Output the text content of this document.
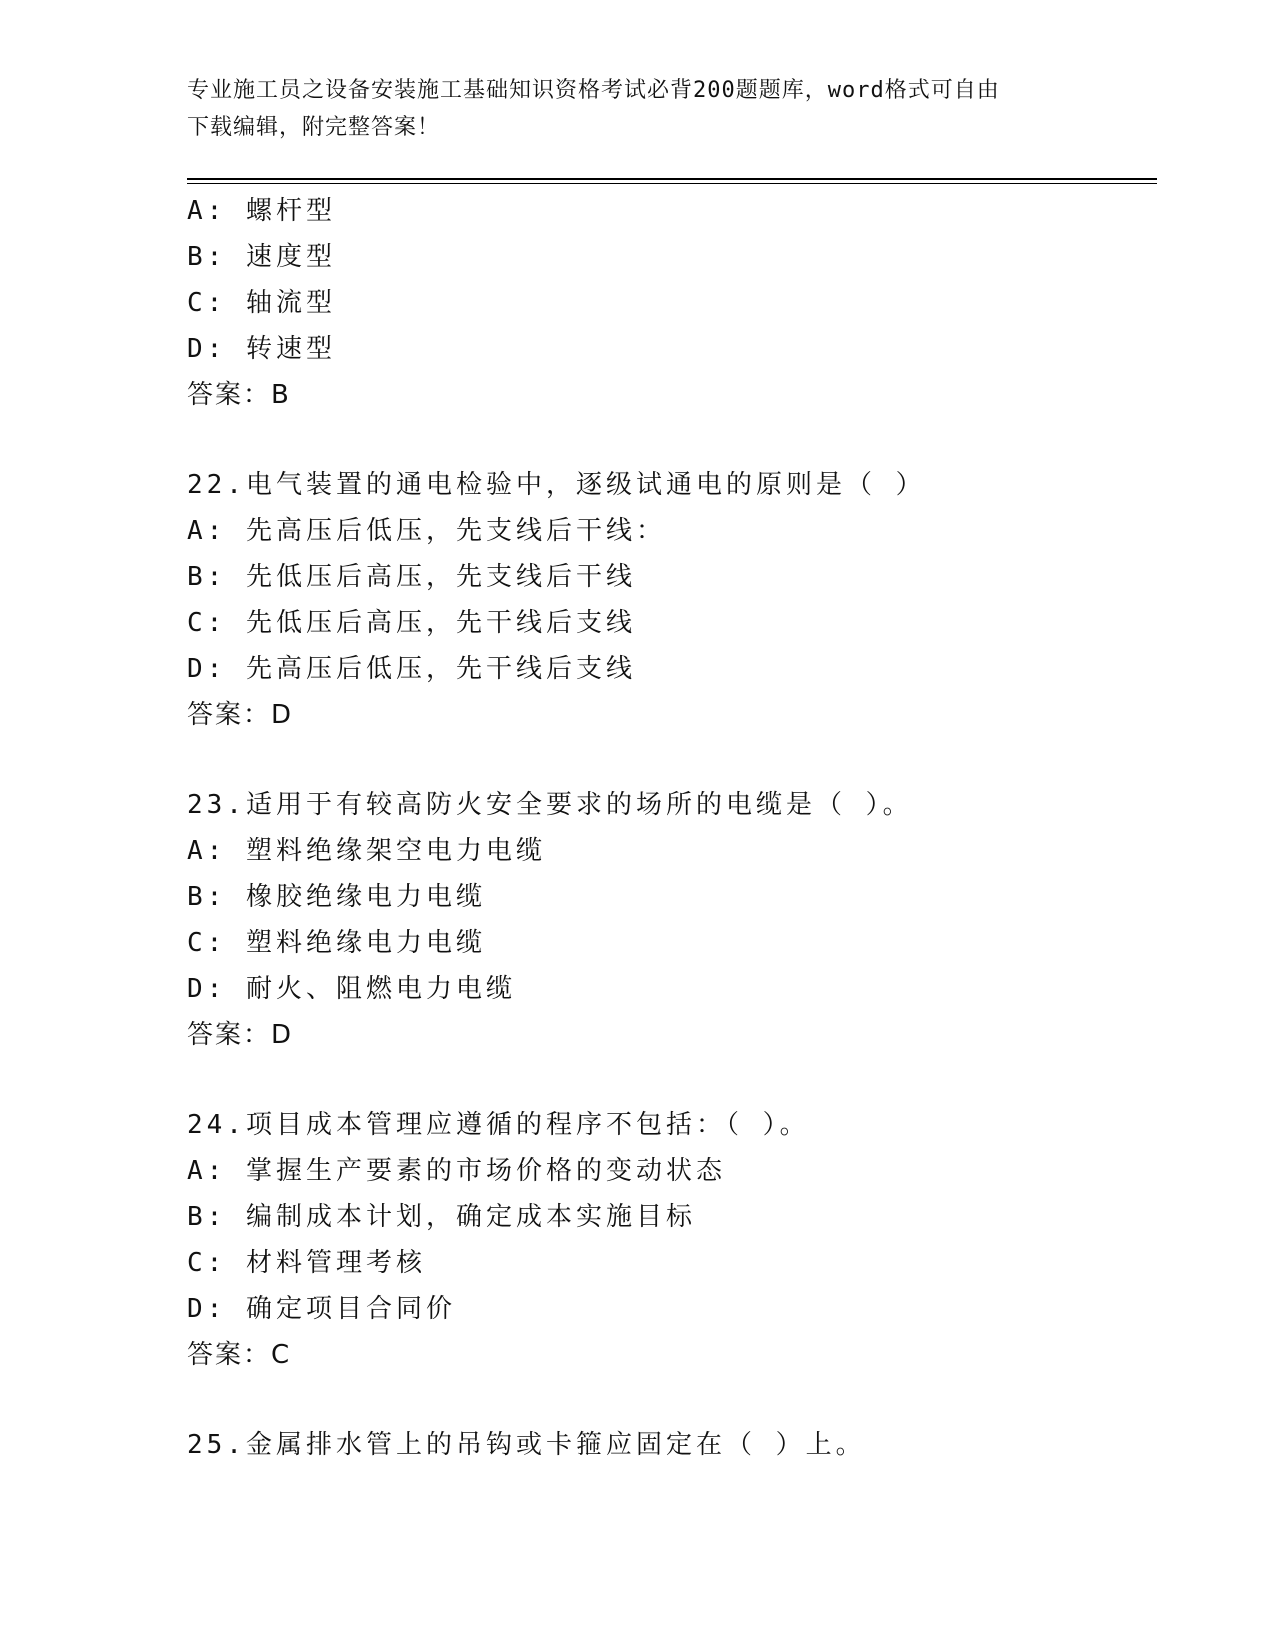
专业施工员之设备安装施工基础知识资格考试必背200题题库，word格式可自由
下载编辑，附完整答案！
A: 螺杆型
B: 速度型
C: 轴流型
D: 转速型
答案：B
22.电气装置的通电检验中，逐级试通电的原则是（ ）
A: 先高压后低压，先支线后干线：
B: 先低压后高压，先支线后干线
C: 先低压后高压，先干线后支线
D: 先高压后低压，先干线后支线
答案：D
23.适用于有较高防火安全要求的场所的电缆是（ ）。
A: 塑料绝缘架空电力电缆
B: 橡胶绝缘电力电缆
C: 塑料绝缘电力电缆
D: 耐火、阻燃电力电缆
答案：D
24.项目成本管理应遵循的程序不包括：（ ）。
A: 掌握生产要素的市场价格的变动状态
B: 编制成本计划，确定成本实施目标
C: 材料管理考核
D: 确定项目合同价
答案：C
25.金属排水管上的吊钩或卡箍应固定在（ ）上。
